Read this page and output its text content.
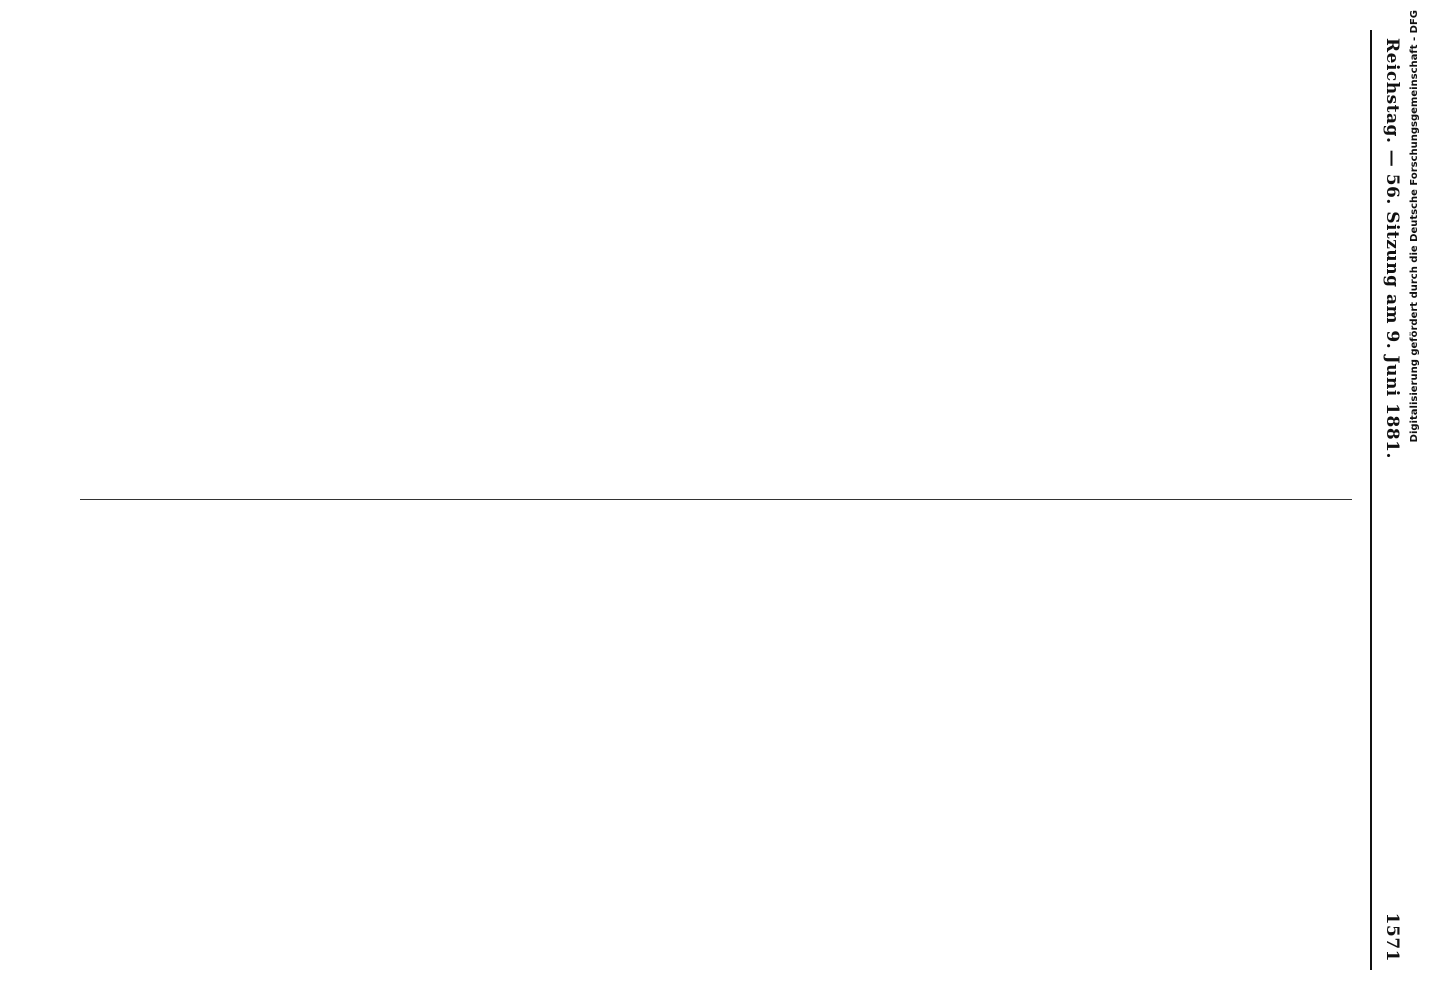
Reichstag. — 56. Sitzung am 9. Juni 1881.
1571

Digitalisierung gefördert durch die Deutsche Forschungsgemeinschaft - DFG
